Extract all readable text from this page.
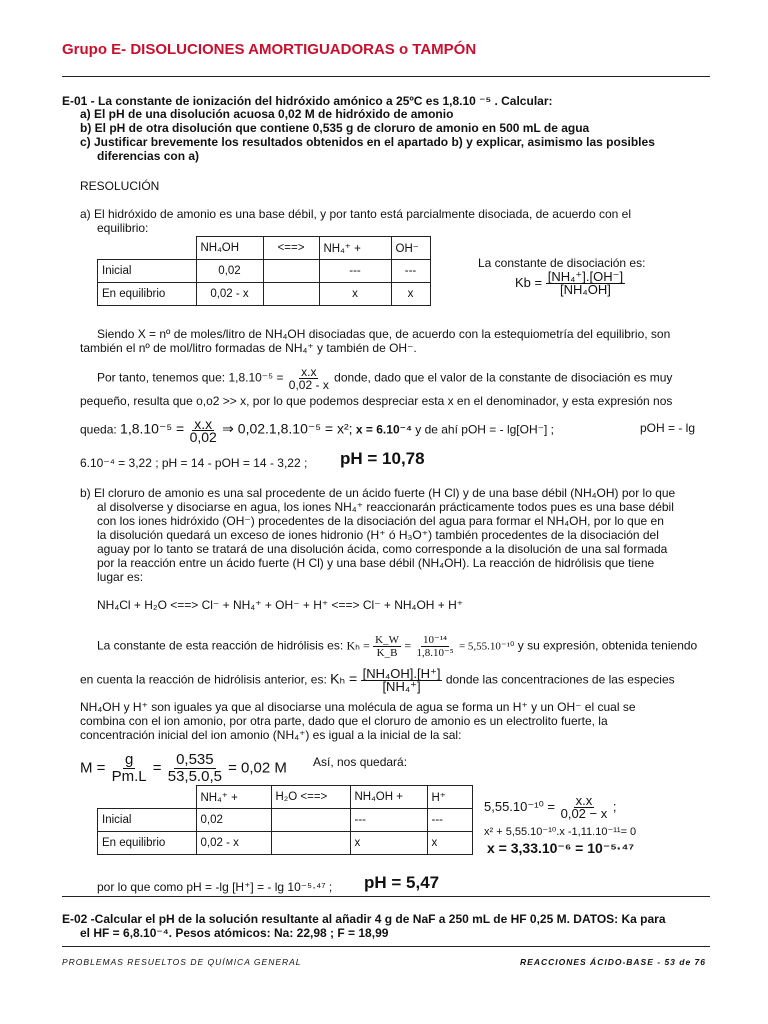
Grupo E- DISOLUCIONES AMORTIGUADORAS o TAMPÓN
E-01 - La constante de ionización del hidróxido amónico a 25ºC es 1,8.10 ⁻⁵ . Calcular:
a) El pH de una disolución acuosa 0,02 M de hidróxido de amonio
b) El pH de otra disolución que contiene 0,535 g de cloruro de amonio en 500 mL de agua
c) Justificar brevemente los resultados obtenidos en el apartado b) y explicar, asimismo las posibles
diferencias con a)
RESOLUCIÓN
a) El hidróxido de amonio es una base débil, y por tanto está parcialmente disociada, de acuerdo con el
equilibrio:
	NH₄OH	<==>	NH₄⁺ +	OH⁻
Inicial	0,02		---	---
En equilibrio	0,02 - x		x	x
La constante de disociación es:
$Kb = \frac{\text{[NH₄⁺].[OH⁻]}}{\text{[NH₄OH]}}$
Siendo X = nº de moles/litro de NH₄OH disociadas que, de acuerdo con la estequiometría del equilibrio, son
también el nº de mol/litro formadas de NH₄⁺ y también de OH⁻.
Por tanto, tenemos que: $1,8.10^{-5} = \frac{x.x}{0,02 - x}$ donde, dado que el valor de la constante de disociación es muy
pequeño, resulta que o,o2 >> x, por lo que podemos despreciar esta x en el denominador, y esta expresión nos
queda: $1,8.10^{-5} = \frac{x.x}{0,02}$ ⇒ 0,02.1,8.10⁻⁵ = x²; x = 6.10⁻⁴ y de ahí pOH = - lg[OH⁻] ;	pOH = - lg
6.10⁻⁴ = 3,22 ; pH = 14 - pOH = 14 - 3,22 ; pH = 10,78
b) El cloruro de amonio es una sal procedente de un ácido fuerte (H Cl) y de una base débil (NH₄OH) por lo que
al disolverse y disociarse en agua, los iones NH₄⁺ reaccionarán prácticamente todos pues es una base débil
con los iones hidróxido (OH⁻) procedentes de la disociación del agua para formar el NH₄OH, por lo que en
la disolución quedará un exceso de iones hidronio (H⁺ ó H₃O⁺) también procedentes de la disociación del
aguay por lo tanto se tratará de una disolución ácida, como corresponde a la disolución de una sal formada
por la reacción entre un ácido fuerte (H Cl) y una base débil (NH₄OH). La reacción de hidrólisis que tiene
lugar es:
NH₄Cl + H₂O <==> Cl⁻ + NH₄⁺ + OH⁻ + H⁺ <==> Cl⁻ + NH₄OH + H⁺
La constante de esta reacción de hidrólisis es: $K_h = \frac{K\_W}{K\_B} = \frac{\text{10⁻¹⁴}}{\text{1,8.10⁻⁵}} = 5,55.10^{-10}$ y su expresión, obtenida teniendo
en cuenta la reacción de hidrólisis anterior, es: $K_h = \frac{\text{[NH₄OH].[H⁺]}}{\text{[NH₄⁺]}}$ donde las concentraciones de las especies
NH₄OH y H⁺ son iguales ya que al disociarse una molécula de agua se forma un H⁺ y un OH⁻ el cual se
combina con el ion amonio, por otra parte, dado que el cloruro de amonio es un electrolito fuerte, la
concentración inicial del ion amonio (NH₄⁺) es igual a la inicial de la sal:
$M = \frac{g}{Pm.L} = \frac{0,535}{53,5.0,5} = 0,02$ M Así, nos quedará:
	NH₄⁺ +	H₂O <==>	NH₄OH +	H⁺
Inicial	0,02		---	---
En equilibrio	0,02 - x		x	x
$5,55.10^{-10} = \frac{x.x}{0,02 - x}$ ;
x² + 5,55.10⁻¹⁰.x -1,11.10⁻¹¹= 0
x = 3,33.10⁻⁶ = 10⁻⁵·⁴⁷
por lo que como pH = -lg [H⁺] = - lg 10⁻⁵·⁴⁷ ; pH = 5,47
E-02 -Calcular el pH de la solución resultante al añadir 4 g de NaF a 250 mL de HF 0,25 M. DATOS: Ka para
el HF = 6,8.10⁻⁴. Pesos atómicos: Na: 22,98 ; F = 18,99
PROBLEMAS RESUELTOS DE QUÍMICA GENERAL	REACCIONES ÁCIDO-BASE - 53 de 76
